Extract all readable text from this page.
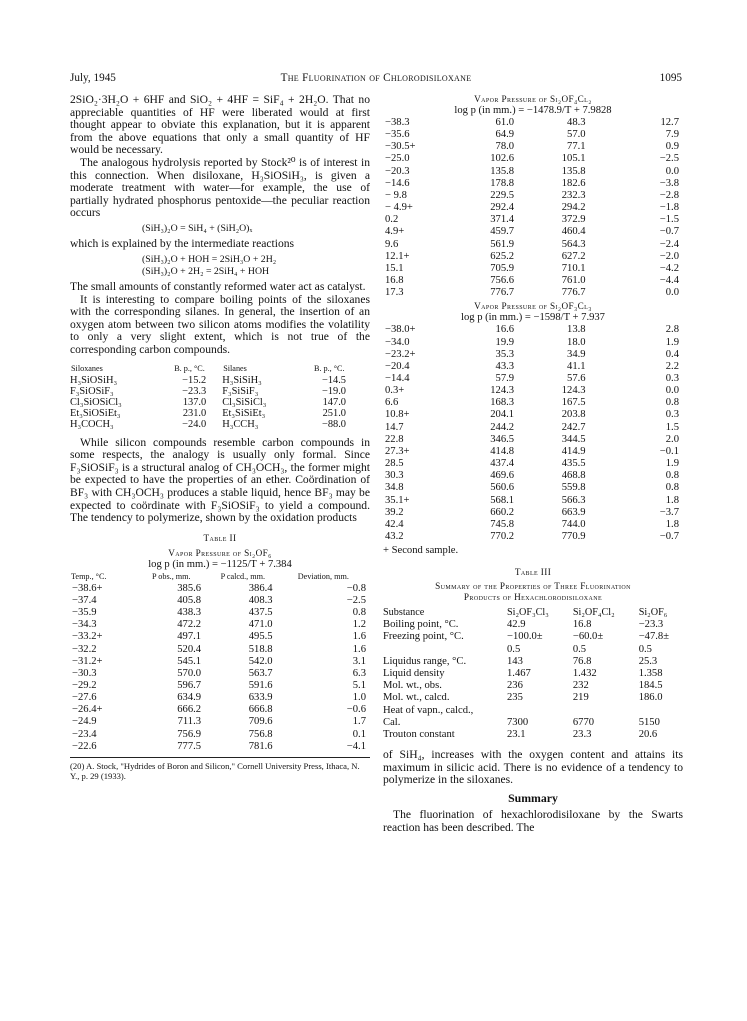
July, 1945	The Fluorination of Chlorodisiloxane	1095

2SiO₂·3H₂O + 6HF and SiO₂ + 4HF = SiF₄ + 2H₂O. That no appreciable quantities of HF were liberated would at first thought appear to obviate this explanation, but it is apparent from the above equations that only a small quantity of HF would be necessary.

The analogous hydrolysis reported by Stock²⁰ is of interest in this connection. When disiloxane, H₃SiOSiH₃, is given a moderate treatment with water—for example, the use of partially hydrated phosphorus pentoxide—the peculiar reaction occurs

(SiH₃)₂O = SiH₄ + (SiH₂O)ₓ

which is explained by the intermediate reactions

(SiH₃)₂O + HOH = 2SiH₃O + 2H₂
(SiH₃)₂O + 2H₂ = 2SiH₄ + HOH

The small amounts of constantly reformed water act as catalyst.

It is interesting to compare boiling points of the siloxanes with the corresponding silanes. In general, the insertion of an oxygen atom between two silicon atoms modifies the volatility to only a very slight extent, which is not true of the corresponding carbon compounds.

Siloxanes	B. p., °C.	Silanes	B. p., °C.
H₃SiOSiH₃	−15.2	H₃SiSiH₃	−14.5
F₃SiOSiF₃	−23.3	F₃SiSiF₃	−19.0
Cl₃SiOSiCl₃	137.0	Cl₃SiSiCl₃	147.0
Et₃SiOSiEt₃	231.0	Et₃SiSiEt₃	251.0
H₃COCH₃	−24.0	H₃CCH₃	−88.0

While silicon compounds resemble carbon compounds in some respects, the analogy is usually only formal. Since F₃SiOSiF₃ is a structural analog of CH₃OCH₃, the former might be expected to have the properties of an ether. Coördination of BF₃ with CH₃OCH₃ produces a stable liquid, hence BF₃ may be expected to coördinate with F₃SiOSiF₃ to yield a compound. The tendency to polymerize, shown by the oxidation products

Table II
Vapor Pressure of Si₂OF₆
log p (in mm.) = −1125/T + 7.384
Temp., °C.	P obs., mm.	P calcd., mm.	Deviation, mm.
−38.6+	385.6	386.4	−0.8
−37.4	405.8	408.3	−2.5
−35.9	438.3	437.5	0.8
−34.3	472.2	471.0	1.2
−33.2+	497.1	495.5	1.6
−32.2	520.4	518.8	1.6
−31.2+	545.1	542.0	3.1
−30.3	570.0	563.7	6.3
−29.2	596.7	591.6	5.1
−27.6	634.9	633.9	1.0
−26.4+	666.2	666.8	−0.6
−24.9	711.3	709.6	1.7
−23.4	756.9	756.8	0.1
−22.6	777.5	781.6	−4.1
(20) A. Stock, "Hydrides of Boron and Silicon," Cornell University Press, Ithaca, N. Y., p. 29 (1933).
Vapor Pressure of Si₂OF₄Cl₂
log p (in mm.) = −1478.9/T + 7.9828
−38.3	61.0	48.3	12.7
−35.6	64.9	57.0	7.9
−30.5+	78.0	77.1	0.9
−25.0	102.6	105.1	−2.5
−20.3	135.8	135.8	0.0
−14.6	178.8	182.6	−3.8
− 9.8	229.5	232.3	−2.8
− 4.9+	292.4	294.2	−1.8
0.2	371.4	372.9	−1.5
4.9+	459.7	460.4	−0.7
9.6	561.9	564.3	−2.4
12.1+	625.2	627.2	−2.0
15.1	705.9	710.1	−4.2
16.8	756.6	761.0	−4.4
17.3	776.7	776.7	0.0
Vapor Pressure of Si₂OF₃Cl₃
log p (in mm.) = −1598/T + 7.937
−38.0+	16.6	13.8	2.8
−34.0	19.9	18.0	1.9
−23.2+	35.3	34.9	0.4
−20.4	43.3	41.1	2.2
−14.4	57.9	57.6	0.3
0.3+	124.3	124.3	0.0
6.6	168.3	167.5	0.8
10.8+	204.1	203.8	0.3
14.7	244.2	242.7	1.5
22.8	346.5	344.5	2.0
27.3+	414.8	414.9	−0.1
28.5	437.4	435.5	1.9
30.3	469.6	468.8	0.8
34.8	560.6	559.8	0.8
35.1+	568.1	566.3	1.8
39.2	660.2	663.9	−3.7
42.4	745.8	744.0	1.8
43.2	770.2	770.9	−0.7
+ Second sample.
Table III
Summary of the Properties of Three Fluorination
Products of Hexachlorodisiloxane
Substance	Si₂OF₃Cl₃	Si₂OF₄Cl₂	Si₂OF₆
Boiling point, °C.	42.9	16.8	−23.3
Freezing point, °C.	−100.0±	−60.0±	−47.8±
	0.5	0.5	0.5
Liquidus range, °C.	143	76.8	25.3
Liquid density	1.467	1.432	1.358
Mol. wt., obs.	236	232	184.5
Mol. wt., calcd.	235	219	186.0
Heat of vapn., calcd.,			
Cal.	7300	6770	5150
Trouton constant	23.1	23.3	20.6

of SiH₄, increases with the oxygen content and attains its maximum in silicic acid. There is no evidence of a tendency to polymerize in the siloxanes.

Summary

The fluorination of hexachlorodisiloxane by the Swarts reaction has been described. The
